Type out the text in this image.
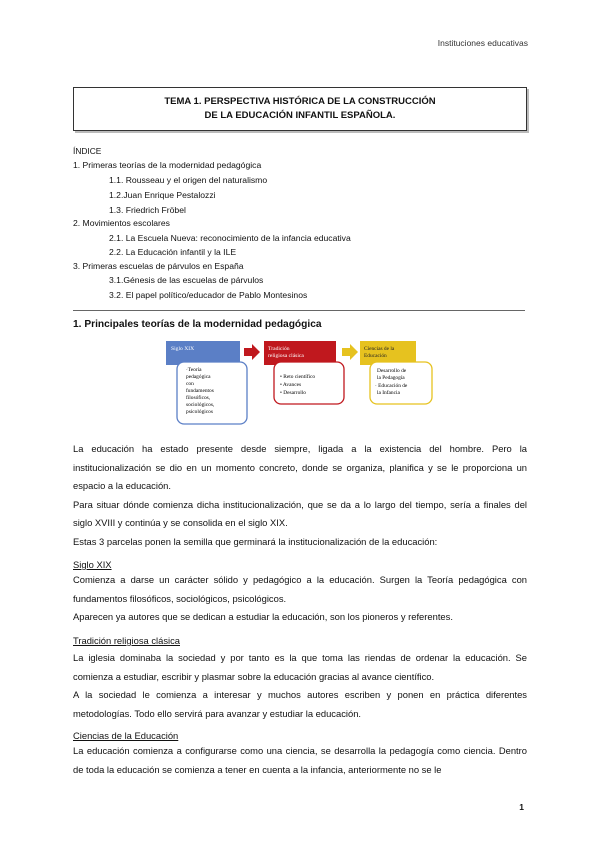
Instituciones educativas
TEMA 1. PERSPECTIVA HISTÓRICA DE LA CONSTRUCCIÓN
DE LA EDUCACIÓN INFANTIL ESPAÑOLA.
ÍNDICE
1. Primeras teorías de la modernidad pedagógica
1.1. Rousseau y el origen del naturalismo
1.2.Juan Enrique Pestalozzi
1.3. Friedrich Fröbel
2. Movimientos escolares
2.1. La Escuela Nueva: reconocimiento de la infancia educativa
2.2. La Educación infantil y la ILE
3. Primeras escuelas de párvulos en España
3.1.Génesis de las escuelas de párvulos
3.2. El papel político/educador de Pablo Montesinos
1. Principales teorías de la modernidad pedagógica
Siglo XIX
·Teoría
pedagógica
con
fundamentos
filosóficos,
sociológicos,
psicológicos
Tradición
religiosa clásica
• Reto científico
• Avances
• Desarrollo
Ciencias de la
Educación
Desarrollo de
la Pedagogía
· Educación de
la Infancia

La educación ha estado presente desde siempre, ligada a la existencia del hombre. Pero la institucionalización se dio en un momento concreto, donde se organiza, planifica y se le proporciona un espacio a la educación.

Para situar dónde comienza dicha institucionalización, que se da a lo largo del tiempo, sería a finales del siglo XVIII y continúa y se consolida en el siglo XIX.

Estas 3 parcelas ponen la semilla que germinará la institucionalización de la educación:

Siglo XIX

Comienza a darse un carácter sólido y pedagógico a la educación. Surgen la Teoría pedagógica con fundamentos filosóficos, sociológicos, psicológicos.

Aparecen ya autores que se dedican a estudiar la educación, son los pioneros y referentes.

Tradición religiosa clásica

La iglesia dominaba la sociedad y por tanto es la que toma las riendas de ordenar la educación. Se comienza a estudiar, escribir y plasmar sobre la educación gracias al avance científico.

A la sociedad le comienza a interesar y muchos autores escriben y ponen en práctica diferentes metodologías. Todo ello servirá para avanzar y estudiar la educación.

Ciencias de la Educación

La educación comienza a configurarse como una ciencia, se desarrolla la pedagogía como ciencia. Dentro de toda la educación se comienza a tener en cuenta a la infancia, anteriormente no se le

1
